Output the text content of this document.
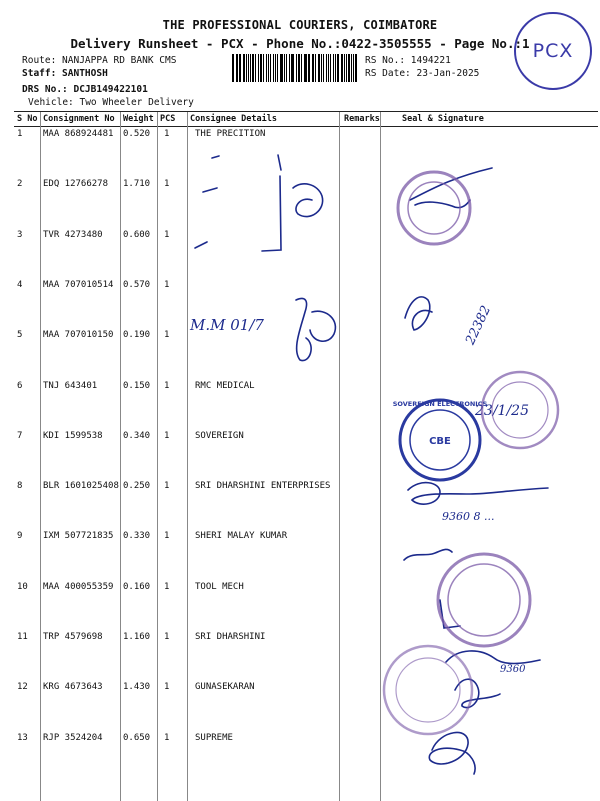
THE PROFESSIONAL COURIERS, COIMBATORE
Delivery Runsheet - PCX - Phone No.:0422-3505555 - Page No.:1
Route: NANJAPPA RD BANK CMS
Staff: SANTHOSH
DRS No.: DCJB149422101
Vehicle: Two Wheeler Delivery
RS No.: 1494221
RS Date: 23-Jan-2025
PCX
S No Consignment No Weight PCS Consignee Details	Remarks	Seal & Signature
1 MAA 868924481 0.520 1	THE PRECITION
2 EDQ 12766278 1.710 1
3 TVR 4273480 0.600 1
4 MAA 707010514 0.570 1
5 MAA 707010150 0.190 1
6 TNJ 643401	0.150 1	RMC MEDICAL
7 KDI 1599538 0.340 1	SOVEREIGN
8 BLR 1601025408 0.250 1	SRI DHARSHINI ENTERPRISES
9 IXM 507721835 0.330 1	SHERI MALAY KUMAR
10 MAA 400055359 0.160 1	TOOL MECH
11 TRP 4579698 1.160 1	SRI DHARSHINI
12 KRG 4673643 1.430 1	GUNASEKARAN
13 RJP 3524204 0.650 1	SUPREME
M.M 01/7	22382
23/1/25
9360 8 ...
9360
CBE
SOVEREIGN ELECTRONICS
